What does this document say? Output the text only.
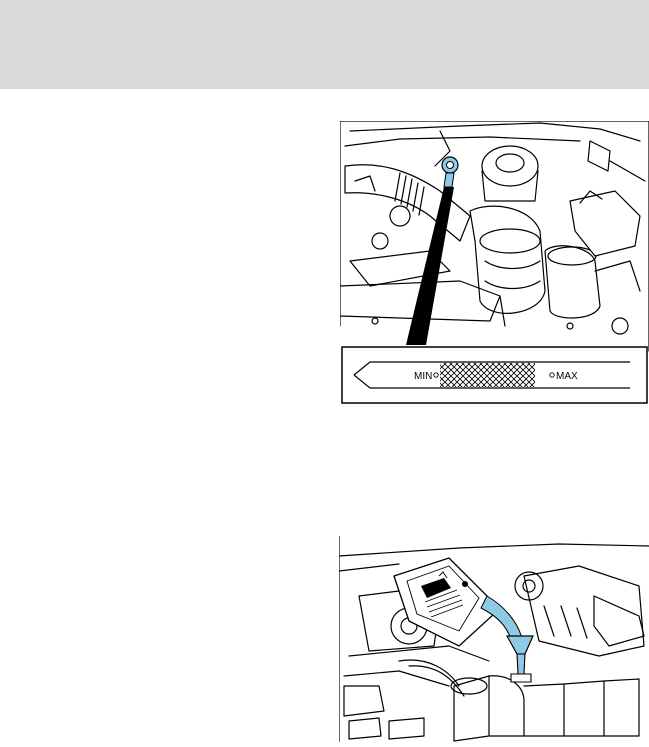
MIN	MAX
